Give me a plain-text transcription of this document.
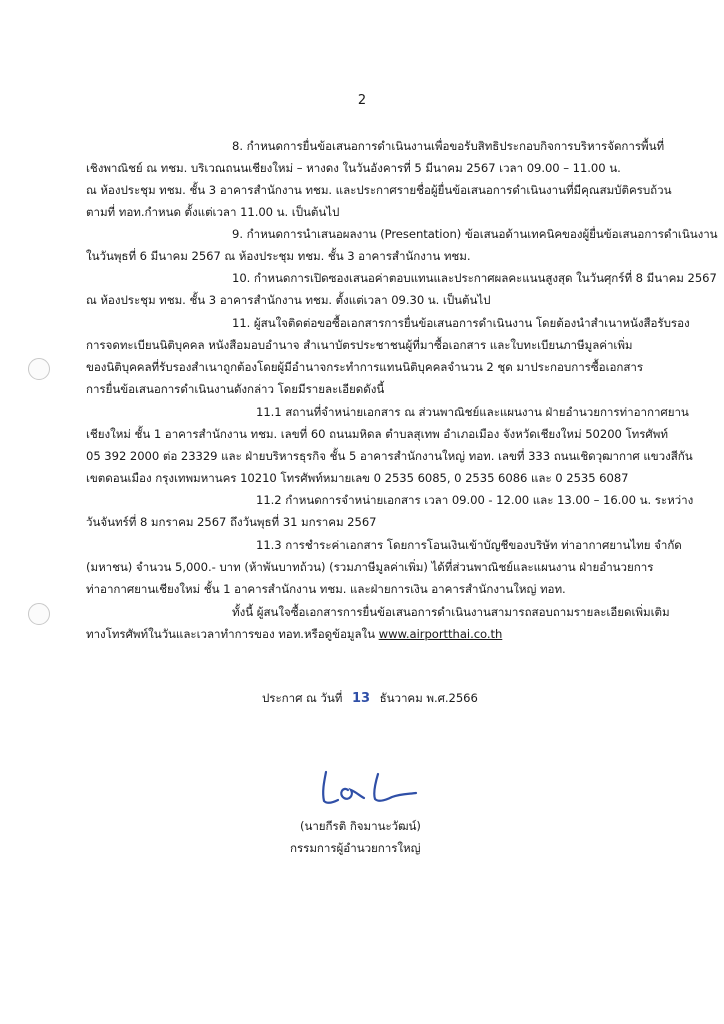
2
8. กำหนดการยื่นข้อเสนอการดำเนินงานเพื่อขอรับสิทธิประกอบกิจการบริหารจัดการพื้นที่
เชิงพาณิชย์ ณ ทชม. บริเวณถนนเชียงใหม่ – หางดง ในวันอังคารที่ 5 มีนาคม 2567 เวลา 09.00 – 11.00 น.
ณ ห้องประชุม ทชม. ชั้น 3 อาคารสำนักงาน ทชม. และประกาศรายชื่อผู้ยื่นข้อเสนอการดำเนินงานที่มีคุณสมบัติครบถ้วน
ตามที่ ทอท.กำหนด ตั้งแต่เวลา 11.00 น. เป็นต้นไป
9. กำหนดการนำเสนอผลงาน (Presentation) ข้อเสนอด้านเทคนิคของผู้ยื่นข้อเสนอการดำเนินงาน
ในวันพุธที่ 6 มีนาคม 2567 ณ ห้องประชุม ทชม. ชั้น 3 อาคารสำนักงาน ทชม.
10. กำหนดการเปิดซองเสนอค่าตอบแทนและประกาศผลคะแนนสูงสุด ในวันศุกร์ที่ 8 มีนาคม 2567
ณ ห้องประชุม ทชม. ชั้น 3 อาคารสำนักงาน ทชม. ตั้งแต่เวลา 09.30 น. เป็นต้นไป
11. ผู้สนใจติดต่อขอซื้อเอกสารการยื่นข้อเสนอการดำเนินงาน โดยต้องนำสำเนาหนังสือรับรอง
การจดทะเบียนนิติบุคคล หนังสือมอบอำนาจ สำเนาบัตรประชาชนผู้ที่มาซื้อเอกสาร และใบทะเบียนภาษีมูลค่าเพิ่ม
ของนิติบุคคลที่รับรองสำเนาถูกต้องโดยผู้มีอำนาจกระทำการแทนนิติบุคคลจำนวน 2 ชุด มาประกอบการซื้อเอกสาร
การยื่นข้อเสนอการดำเนินงานดังกล่าว โดยมีรายละเอียดดังนี้
11.1 สถานที่จำหน่ายเอกสาร ณ ส่วนพาณิชย์และแผนงาน ฝ่ายอำนวยการท่าอากาศยาน
เชียงใหม่ ชั้น 1 อาคารสำนักงาน ทชม. เลขที่ 60 ถนนมหิดล ตำบลสุเทพ อำเภอเมือง จังหวัดเชียงใหม่ 50200 โทรศัพท์
05 392 2000 ต่อ 23329 และ ฝ่ายบริหารธุรกิจ ชั้น 5 อาคารสำนักงานใหญ่ ทอท. เลขที่ 333 ถนนเชิดวุฒากาศ แขวงสีกัน
เขตดอนเมือง กรุงเทพมหานคร 10210 โทรศัพท์หมายเลข 0 2535 6085, 0 2535 6086 และ 0 2535 6087
11.2 กำหนดการจำหน่ายเอกสาร เวลา 09.00 - 12.00 และ 13.00 – 16.00 น. ระหว่าง
วันจันทร์ที่ 8 มกราคม 2567 ถึงวันพุธที่ 31 มกราคม 2567
11.3 การชำระค่าเอกสาร โดยการโอนเงินเข้าบัญชีของบริษัท ท่าอากาศยานไทย จำกัด
(มหาชน) จำนวน 5,000.- บาท (ห้าพันบาทถ้วน) (รวมภาษีมูลค่าเพิ่ม) ได้ที่ส่วนพาณิชย์และแผนงาน ฝ่ายอำนวยการ
ท่าอากาศยานเชียงใหม่ ชั้น 1 อาคารสำนักงาน ทชม. และฝ่ายการเงิน อาคารสำนักงานใหญ่ ทอท.
ทั้งนี้ ผู้สนใจซื้อเอกสารการยื่นข้อเสนอการดำเนินงานสามารถสอบถามรายละเอียดเพิ่มเติม
ทางโทรศัพท์ในวันและเวลาทำการของ ทอท.หรือดูข้อมูลใน www.airportthai.co.th
ประกาศ ณ วันที่ 13 ธันวาคม พ.ศ.2566
(นายกีรติ กิจมานะวัฒน์)
กรรมการผู้อำนวยการใหญ่
